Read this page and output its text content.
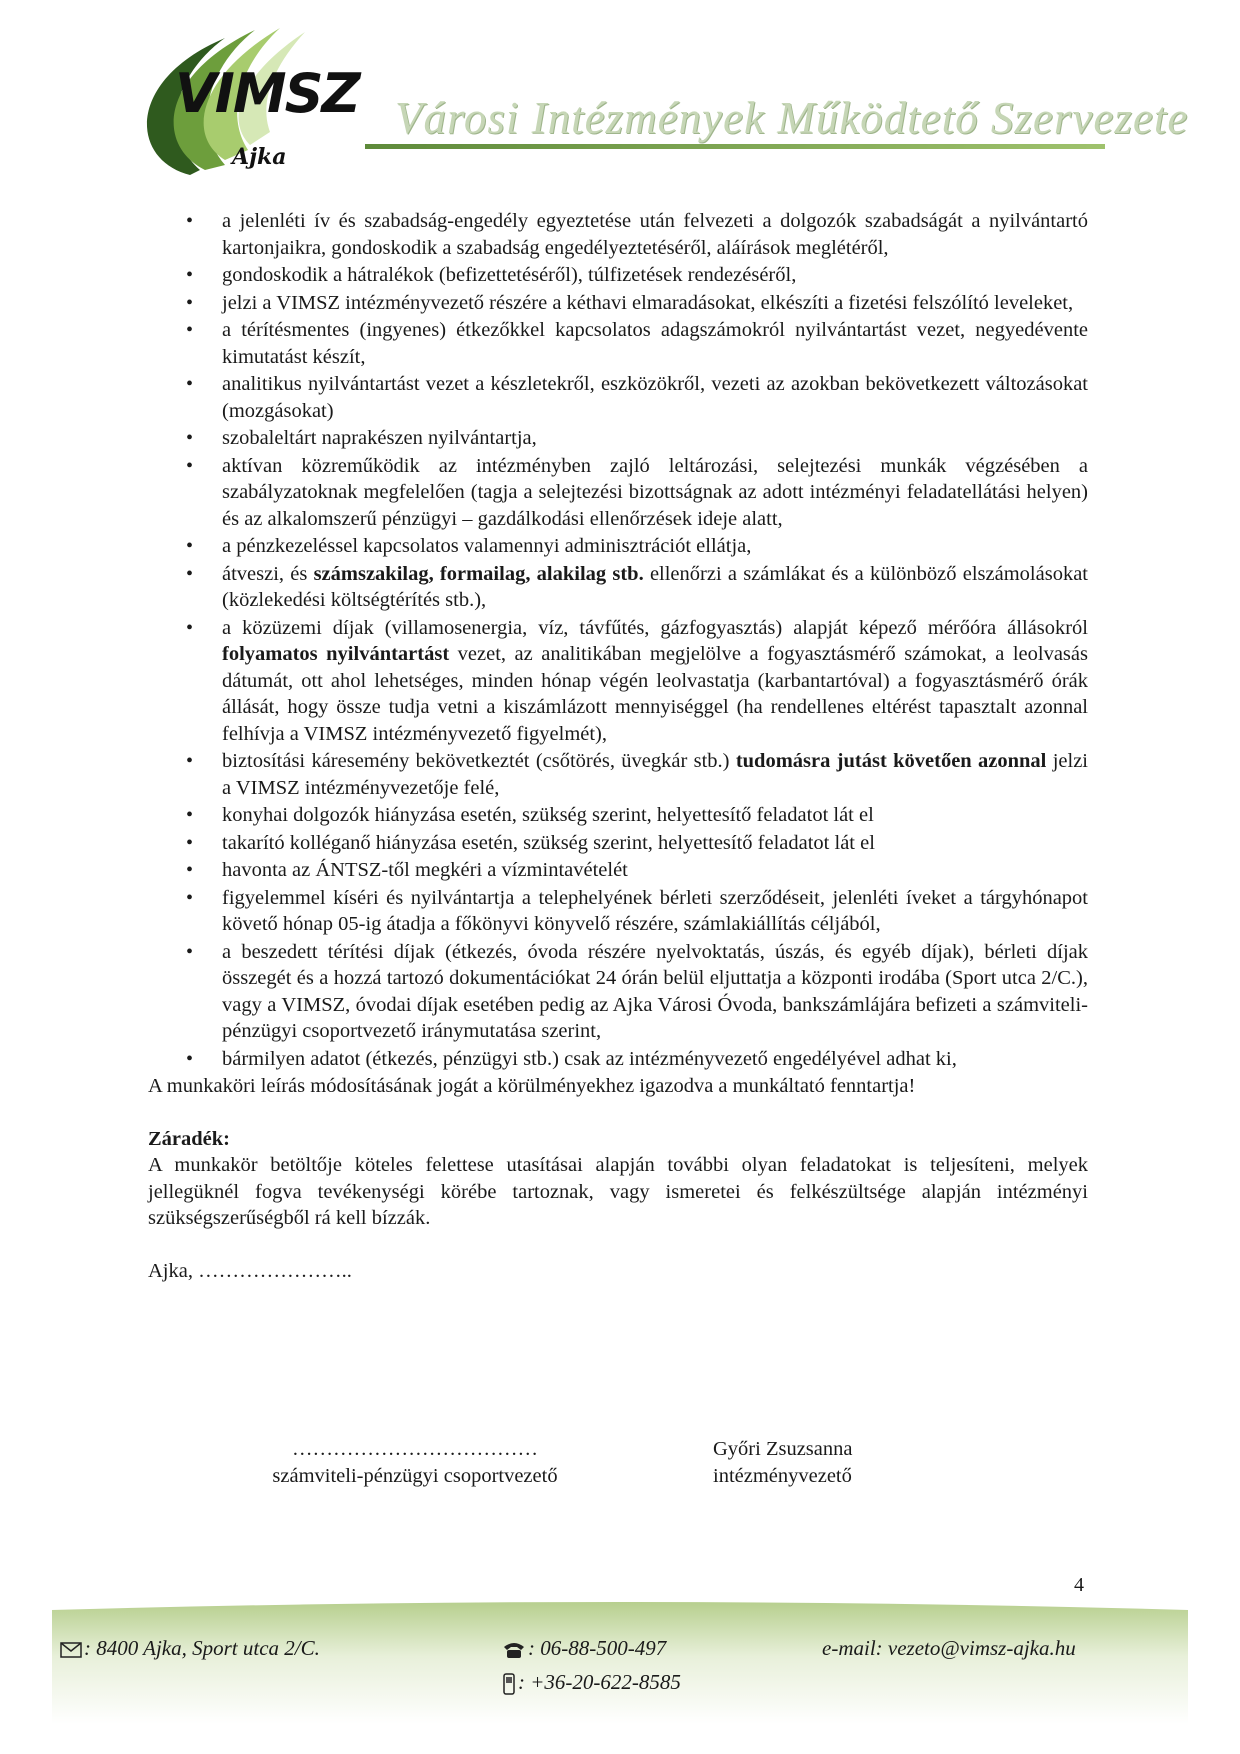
VIMSZ
Ajka
Városi Intézmények Működtető Szervezete
• a jelenléti ív és szabadság-engedély egyeztetése után felvezeti a dolgozók szabadságát a nyilvántartó kartonjaikra, gondoskodik a szabadság engedélyeztetéséről, aláírások meglétéről,
• gondoskodik a hátralékok (befizettetéséről), túlfizetések rendezéséről,
• jelzi a VIMSZ intézményvezető részére a kéthavi elmaradásokat, elkészíti a fizetési felszólító leveleket,
• a térítésmentes (ingyenes) étkezőkkel kapcsolatos adagszámokról nyilvántartást vezet, negyedévente kimutatást készít,
• analitikus nyilvántartást vezet a készletekről, eszközökről, vezeti az azokban bekövetkezett változásokat (mozgásokat)
• szobaleltárt naprakészen nyilvántartja,
• aktívan közreműködik az intézményben zajló leltározási, selejtezési munkák végzésében a szabályzatoknak megfelelően (tagja a selejtezési bizottságnak az adott intézményi feladatellátási helyen) és az alkalomszerű pénzügyi – gazdálkodási ellenőrzések ideje alatt,
• a pénzkezeléssel kapcsolatos valamennyi adminisztrációt ellátja,
• átveszi, és számszakilag, formailag, alakilag stb. ellenőrzi a számlákat és a különböző elszámolásokat (közlekedési költségtérítés stb.),
• a közüzemi díjak (villamosenergia, víz, távfűtés, gázfogyasztás) alapját képező mérőóra állásokról folyamatos nyilvántartást vezet, az analitikában megjelölve a fogyasztásmérő számokat, a leolvasás dátumát, ott ahol lehetséges, minden hónap végén leolvastatja (karbantartóval) a fogyasztásmérő órák állását, hogy össze tudja vetni a kiszámlázott mennyiséggel (ha rendellenes eltérést tapasztalt azonnal felhívja a VIMSZ intézményvezető figyelmét),
• biztosítási káresemény bekövetkeztét (csőtörés, üvegkár stb.) tudomásra jutást követően azonnal jelzi a VIMSZ intézményvezetője felé,
• konyhai dolgozók hiányzása esetén, szükség szerint, helyettesítő feladatot lát el
• takarító kolléganő hiányzása esetén, szükség szerint, helyettesítő feladatot lát el
• havonta az ÁNTSZ-től megkéri a vízmintavételét
• figyelemmel kíséri és nyilvántartja a telephelyének bérleti szerződéseit, jelenléti íveket a tárgyhónapot követő hónap 05-ig átadja a főkönyvi könyvelő részére, számlakiállítás céljából,
• a beszedett térítési díjak (étkezés, óvoda részére nyelvoktatás, úszás, és egyéb díjak), bérleti díjak összegét és a hozzá tartozó dokumentációkat 24 órán belül eljuttatja a központi irodába (Sport utca 2/C.), vagy a VIMSZ, óvodai díjak esetében pedig az Ajka Városi Óvoda, bankszámlájára befizeti a számviteli-pénzügyi csoportvezető iránymutatása szerint,
• bármilyen adatot (étkezés, pénzügyi stb.) csak az intézményvezető engedélyével adhat ki,

A munkaköri leírás módosításának jogát a körülményekhez igazodva a munkáltató fenntartja!

Záradék:

A munkakör betöltője köteles felettese utasításai alapján további olyan feladatokat is teljesíteni, melyek jellegüknél fogva tevékenységi körébe tartoznak, vagy ismeretei és felkészültsége alapján intézményi szükségszerűségből rá kell bízzák.

Ajka, …………………..

………………………………
számviteli-pénzügyi csoportvezető
Győri Zsuzsanna
intézményvezető
4
: 8400 Ajka, Sport utca 2/C.	: 06-88-500-497
: +36-20-622-8585
e-mail: vezeto@vimsz-ajka.hu
